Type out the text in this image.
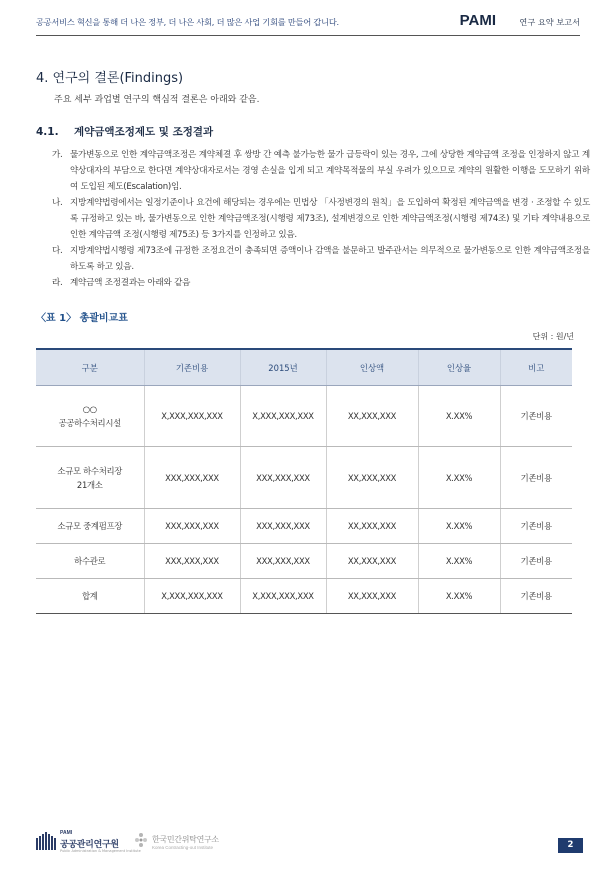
공공서비스 혁신을 통해 더 나은 정부, 더 나은 사회, 더 많은 사업 기회를 만들어 갑니다.	PAMI	연구 요약 보고서
4. 연구의 결론(Findings)
주요 세부 과업별 연구의 핵심적 결론은 아래와 같음.
4.1. 계약금액조정제도 및 조정결과
가. 물가변동으로 인한 계약금액조정은 계약체결 후 쌍방 간 예측 불가능한 물가 급등락이 있는 경우, 그에 상당한 계약금액 조정을 인정하지 않고 계약상대자의 부담으로 한다면 계약상대자로서는 경영 손실을 입게 되고 계약목적물의 부실 우려가 있으므로 계약의 원활한 이행을 도모하기 위하여 도입된 제도(Escalation)임.
나. 지방계약법령에서는 일정기준이나 요건에 해당되는 경우에는 민법상 「사정변경의 원칙」을 도입하여 확정된 계약금액을 변경 · 조정할 수 있도록 규정하고 있는 바, 물가변동으로 인한 계약금액조정(시행령 제73조), 설계변경으로 인한 계약금액조정(시행령 제74조) 및 기타 계약내용으로 인한 계약금액 조정(시행령 제75조) 등 3가지를 인정하고 있음.
다. 지방계약법시행령 제73조에 규정한 조정요건이 충족되면 증액이나 감액을 불문하고 발주관서는 의무적으로 물가변동으로 인한 계약금액조정을 하도록 하고 있음.
라. 계약금액 조정결과는 아래와 같음
〈표 1〉 총괄비교표
단위 : 원/년
구분	기존비용	2015년	인상액	인상율	비고

○○
공공하수처리시설	X,XXX,XXX,XXX	X,XXX,XXX,XXX	XX,XXX,XXX	X.XX%	기존비용

소규모 하수처리장
21개소	XXX,XXX,XXX	XXX,XXX,XXX	XX,XXX,XXX	X.XX%	기존비용
소규모 중계펌프장	XXX,XXX,XXX	XXX,XXX,XXX	XX,XXX,XXX	X.XX%	기존비용
하수관로	XXX,XXX,XXX	XXX,XXX,XXX	XX,XXX,XXX	X.XX%	기존비용
합계	X,XXX,XXX,XXX	X,XXX,XXX,XXX	XX,XXX,XXX	X.XX%	기존비용
PAMI
공공관리연구원
Public Administration & Management Institute
한국민간위탁연구소
Korea Contracting-out Institute	2
